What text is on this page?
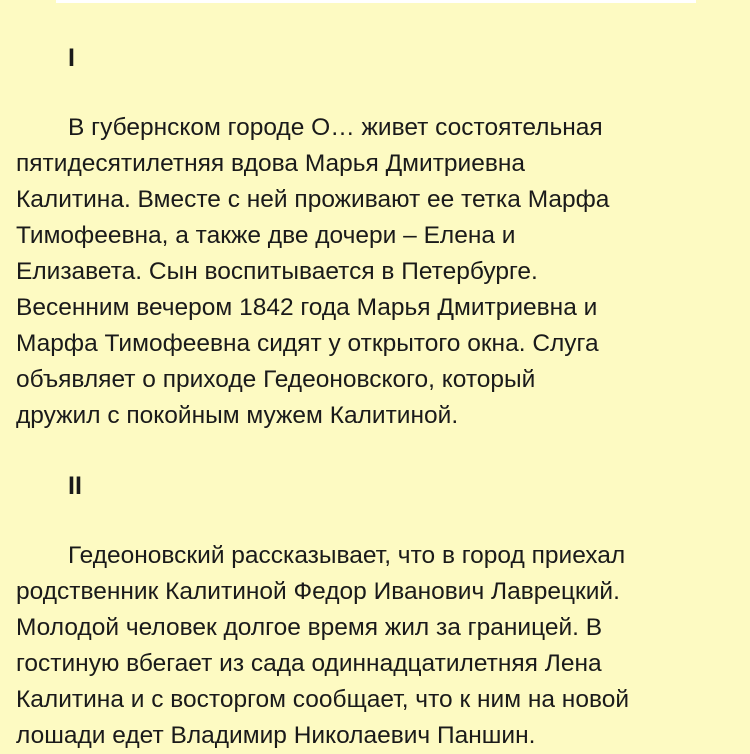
I

В губернском городе О… живет состоятельная
пятидесятилетняя вдова Марья Дмитриевна
Калитина. Вместе с ней проживают ее тетка Марфа
Тимофеевна, а также две дочери – Елена и
Елизавета. Сын воспитывается в Петербурге.
Весенним вечером 1842 года Марья Дмитриевна и
Марфа Тимофеевна сидят у открытого окна. Слуга
объявляет о приходе Гедеоновского, который
дружил с покойным мужем Калитиной.

II

Гедеоновский рассказывает, что в город приехал
родственник Калитиной Федор Иванович Лаврецкий.
Молодой человек долгое время жил за границей. В
гостиную вбегает из сада одиннадцатилетняя Лена
Калитина и с восторгом сообщает, что к ним на новой
лошади едет Владимир Николаевич Паншин.
